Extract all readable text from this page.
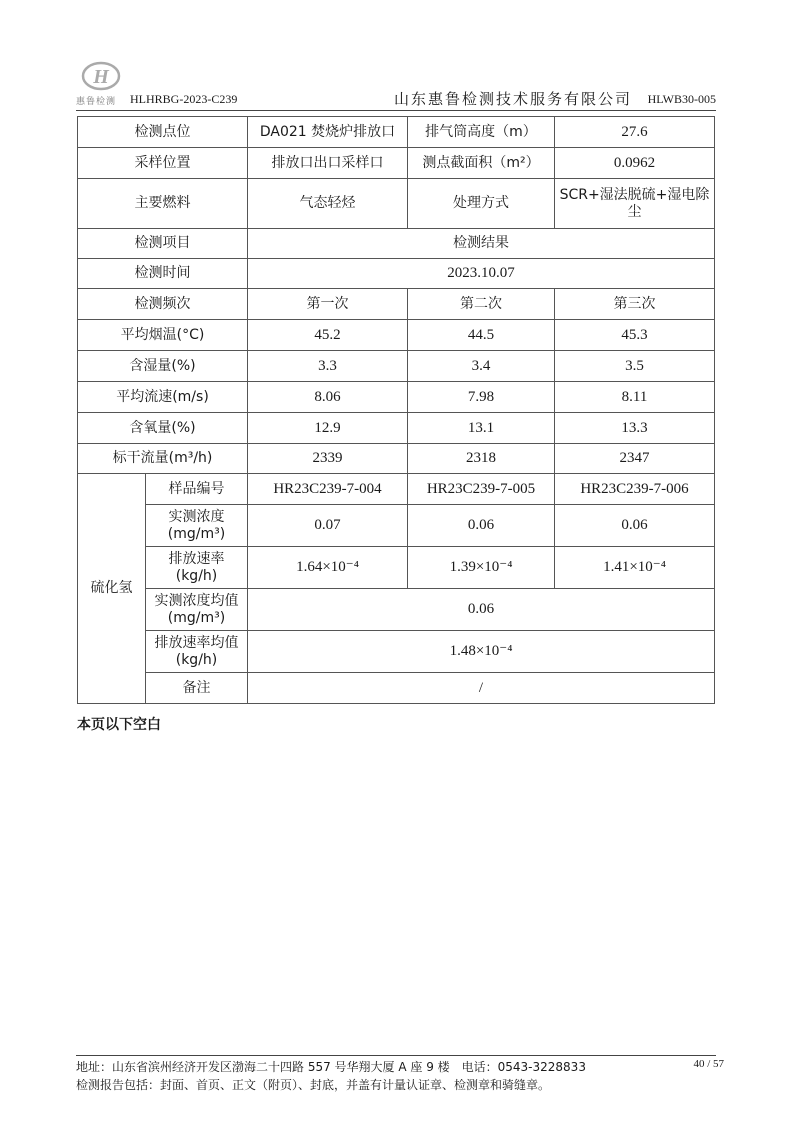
H
惠鲁检测 HLHRBG-2023-C239	山东惠鲁检测技术服务有限公司 HLWB30-005
检测点位		DA021 焚烧炉排放口	排气筒高度（m）	27.6
采样位置		排放口出口采样口	测点截面积（m²）	0.0962
主要燃料		气态轻烃	处理方式	SCR+湿法脱硫+湿电除尘
检测项目		检测结果		
检测时间		2023.10.07		
检测频次		第一次	第二次	第三次
平均烟温(°C)		45.2	44.5	45.3
含湿量(%)		3.3	3.4	3.5
平均流速(m/s)		8.06	7.98	8.11
含氧量(%)		12.9	13.1	13.3
标干流量(m³/h)		2339	2318	2347
硫化氢	样品编号	HR23C239-7-004	HR23C239-7-005	HR23C239-7-006
	实测浓度(mg/m³)	0.07	0.06	0.06
	排放速率(kg/h)	1.64×10⁻⁴	1.39×10⁻⁴	1.41×10⁻⁴
	实测浓度均值(mg/m³)	0.06		
	排放速率均值(kg/h)	1.48×10⁻⁴		
	备注	/		
本页以下空白
地址：山东省滨州经济开发区渤海二十四路 557 号华翔大厦 A 座 9 楼　电话：0543-3228833	40 / 57
检测报告包括：封面、首页、正文（附页）、封底，并盖有计量认证章、检测章和骑缝章。
